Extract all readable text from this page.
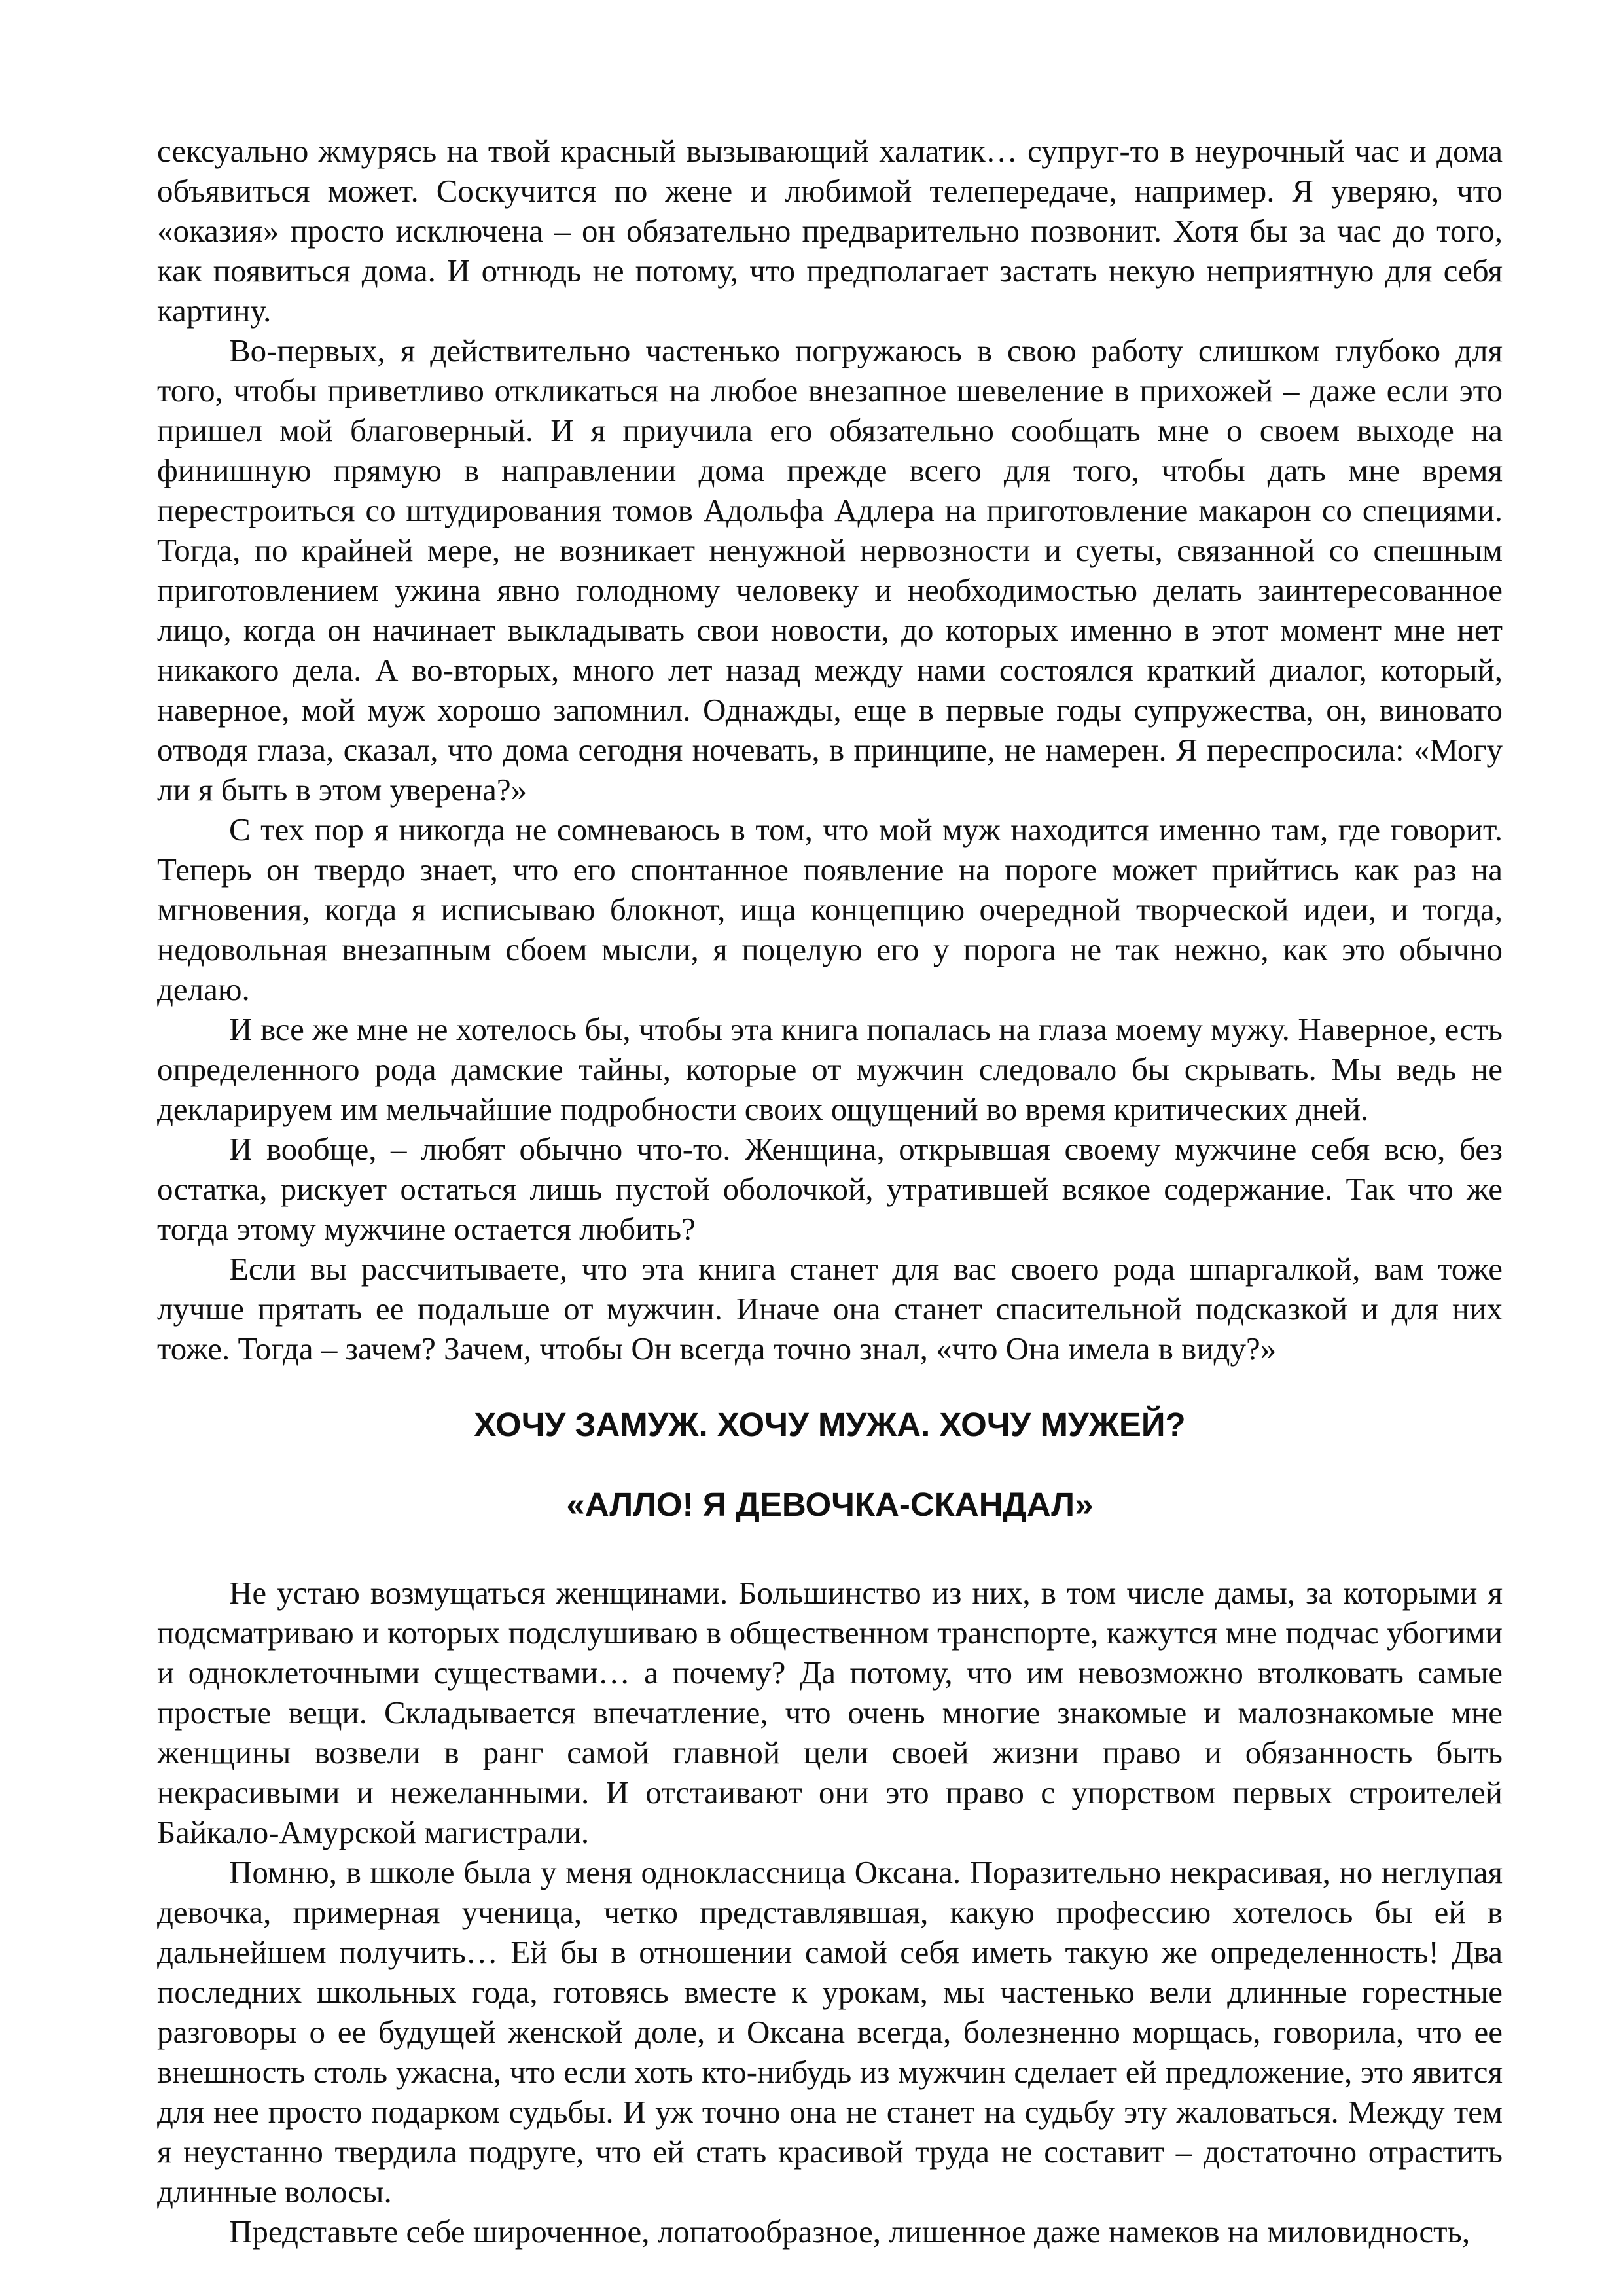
сексуально жмурясь на твой красный вызывающий халатик… супруг-то в неурочный час и дома объявиться может. Соскучится по жене и любимой телепередаче, например. Я уверяю, что «оказия» просто исключена – он обязательно предварительно позвонит. Хотя бы за час до того, как появиться дома. И отнюдь не потому, что предполагает застать некую неприятную для себя картину.

Во-первых, я действительно частенько погружаюсь в свою работу слишком глубоко для того, чтобы приветливо откликаться на любое внезапное шевеление в прихожей – даже если это пришел мой благоверный. И я приучила его обязательно сообщать мне о своем выходе на финишную прямую в направлении дома прежде всего для того, чтобы дать мне время перестроиться со штудирования томов Адольфа Адлера на приготовление макарон со специями. Тогда, по крайней мере, не возникает ненужной нервозности и суеты, связанной со спешным приготовлением ужина явно голодному человеку и необходимостью делать заинтересованное лицо, когда он начинает выкладывать свои новости, до которых именно в этот момент мне нет никакого дела. А во-вторых, много лет назад между нами состоялся краткий диалог, который, наверное, мой муж хорошо запомнил. Однажды, еще в первые годы супружества, он, виновато отводя глаза, сказал, что дома сегодня ночевать, в принципе, не намерен. Я переспросила: «Могу ли я быть в этом уверена?»

С тех пор я никогда не сомневаюсь в том, что мой муж находится именно там, где говорит. Теперь он твердо знает, что его спонтанное появление на пороге может прийтись как раз на мгновения, когда я исписываю блокнот, ища концепцию очередной творческой идеи, и тогда, недовольная внезапным сбоем мысли, я поцелую его у порога не так нежно, как это обычно делаю.

И все же мне не хотелось бы, чтобы эта книга попалась на глаза моему мужу. Наверное, есть определенного рода дамские тайны, которые от мужчин следовало бы скрывать. Мы ведь не декларируем им мельчайшие подробности своих ощущений во время критических дней.

И вообще, – любят обычно что-то. Женщина, открывшая своему мужчине себя всю, без остатка, рискует остаться лишь пустой оболочкой, утратившей всякое содержание. Так что же тогда этому мужчине остается любить?

Если вы рассчитываете, что эта книга станет для вас своего рода шпаргалкой, вам тоже лучше прятать ее подальше от мужчин. Иначе она станет спасительной подсказкой и для них тоже. Тогда – зачем? Зачем, чтобы Он всегда точно знал, «что Она имела в виду?»

ХОЧУ ЗАМУЖ. ХОЧУ МУЖА. ХОЧУ МУЖЕЙ?
«АЛЛО! Я ДЕВОЧКА-СКАНДАЛ»

Не устаю возмущаться женщинами. Большинство из них, в том числе дамы, за которыми я подсматриваю и которых подслушиваю в общественном транспорте, кажутся мне подчас убогими и одноклеточными существами… а почему? Да потому, что им невозможно втолковать самые простые вещи. Складывается впечатление, что очень многие знакомые и малознакомые мне женщины возвели в ранг самой главной цели своей жизни право и обязанность быть некрасивыми и нежеланными. И отстаивают они это право с упорством первых строителей Байкало-Амурской магистрали.

Помню, в школе была у меня одноклассница Оксана. Поразительно некрасивая, но неглупая девочка, примерная ученица, четко представлявшая, какую профессию хотелось бы ей в дальнейшем получить… Ей бы в отношении самой себя иметь такую же определенность! Два последних школьных года, готовясь вместе к урокам, мы частенько вели длинные горестные разговоры о ее будущей женской доле, и Оксана всегда, болезненно морщась, говорила, что ее внешность столь ужасна, что если хоть кто-нибудь из мужчин сделает ей предложение, это явится для нее просто подарком судьбы. И уж точно она не станет на судьбу эту жаловаться. Между тем я неустанно твердила подруге, что ей стать красивой труда не составит – достаточно отрастить длинные волосы.

Представьте себе широченное, лопатообразное, лишенное даже намеков на миловидность,
